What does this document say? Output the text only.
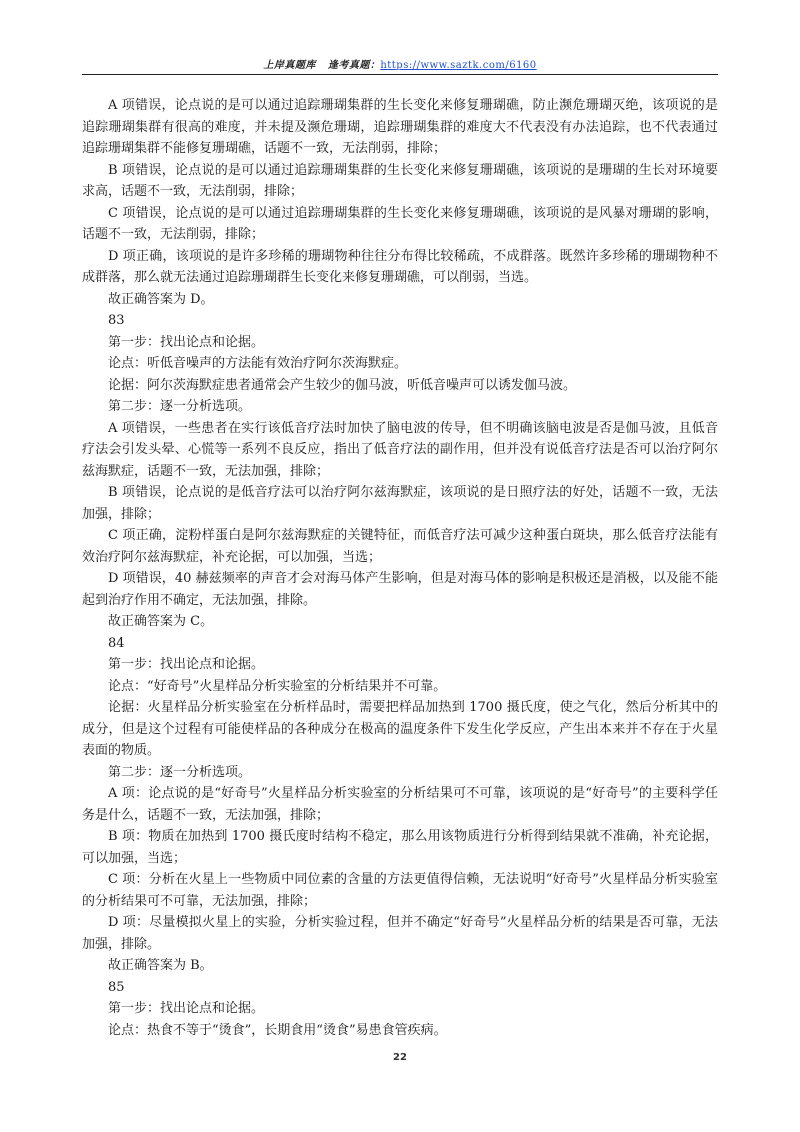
上岸真题库 逢考真题：https://www.saztk.com/6160

A 项错误，论点说的是可以通过追踪珊瑚集群的生长变化来修复珊瑚礁，防止濒危珊瑚灭绝，该项说的是追踪珊瑚集群有很高的难度，并未提及濒危珊瑚，追踪珊瑚集群的难度大不代表没有办法追踪，也不代表通过追踪珊瑚集群不能修复珊瑚礁，话题不一致，无法削弱，排除；

B 项错误，论点说的是可以通过追踪珊瑚集群的生长变化来修复珊瑚礁，该项说的是珊瑚的生长对环境要求高，话题不一致，无法削弱，排除；

C 项错误，论点说的是可以通过追踪珊瑚集群的生长变化来修复珊瑚礁，该项说的是风暴对珊瑚的影响，话题不一致，无法削弱，排除；

D 项正确，该项说的是许多珍稀的珊瑚物种往往分布得比较稀疏，不成群落。既然许多珍稀的珊瑚物种不成群落，那么就无法通过追踪珊瑚群生长变化来修复珊瑚礁，可以削弱，当选。

故正确答案为 D。

83

第一步：找出论点和论据。

论点：听低音噪声的方法能有效治疗阿尔茨海默症。

论据：阿尔茨海默症患者通常会产生较少的伽马波，听低音噪声可以诱发伽马波。

第二步：逐一分析选项。

A 项错误，一些患者在实行该低音疗法时加快了脑电波的传导，但不明确该脑电波是否是伽马波，且低音疗法会引发头晕、心慌等一系列不良反应，指出了低音疗法的副作用，但并没有说低音疗法是否可以治疗阿尔兹海默症，话题不一致，无法加强，排除；

B 项错误，论点说的是低音疗法可以治疗阿尔兹海默症，该项说的是日照疗法的好处，话题不一致，无法加强，排除；

C 项正确，淀粉样蛋白是阿尔兹海默症的关键特征，而低音疗法可减少这种蛋白斑块，那么低音疗法能有效治疗阿尔兹海默症，补充论据，可以加强，当选；

D 项错误，40 赫兹频率的声音才会对海马体产生影响，但是对海马体的影响是积极还是消极，以及能不能起到治疗作用不确定，无法加强，排除。

故正确答案为 C。

84

第一步：找出论点和论据。

论点：“好奇号”火星样品分析实验室的分析结果并不可靠。

论据：火星样品分析实验室在分析样品时，需要把样品加热到 1700 摄氏度，使之气化，然后分析其中的成分，但是这个过程有可能使样品的各种成分在极高的温度条件下发生化学反应，产生出本来并不存在于火星表面的物质。

第二步：逐一分析选项。

A 项：论点说的是“好奇号”火星样品分析实验室的分析结果可不可靠，该项说的是“好奇号”的主要科学任务是什么，话题不一致，无法加强，排除；

B 项：物质在加热到 1700 摄氏度时结构不稳定，那么用该物质进行分析得到结果就不准确，补充论据，可以加强，当选；

C 项：分析在火星上一些物质中同位素的含量的方法更值得信赖，无法说明“好奇号”火星样品分析实验室的分析结果可不可靠，无法加强，排除；

D 项：尽量模拟火星上的实验，分析实验过程，但并不确定“好奇号”火星样品分析的结果是否可靠，无法加强，排除。

故正确答案为 B。

85

第一步：找出论点和论据。

论点：热食不等于“烫食”，长期食用“烫食”易患食管疾病。

22
